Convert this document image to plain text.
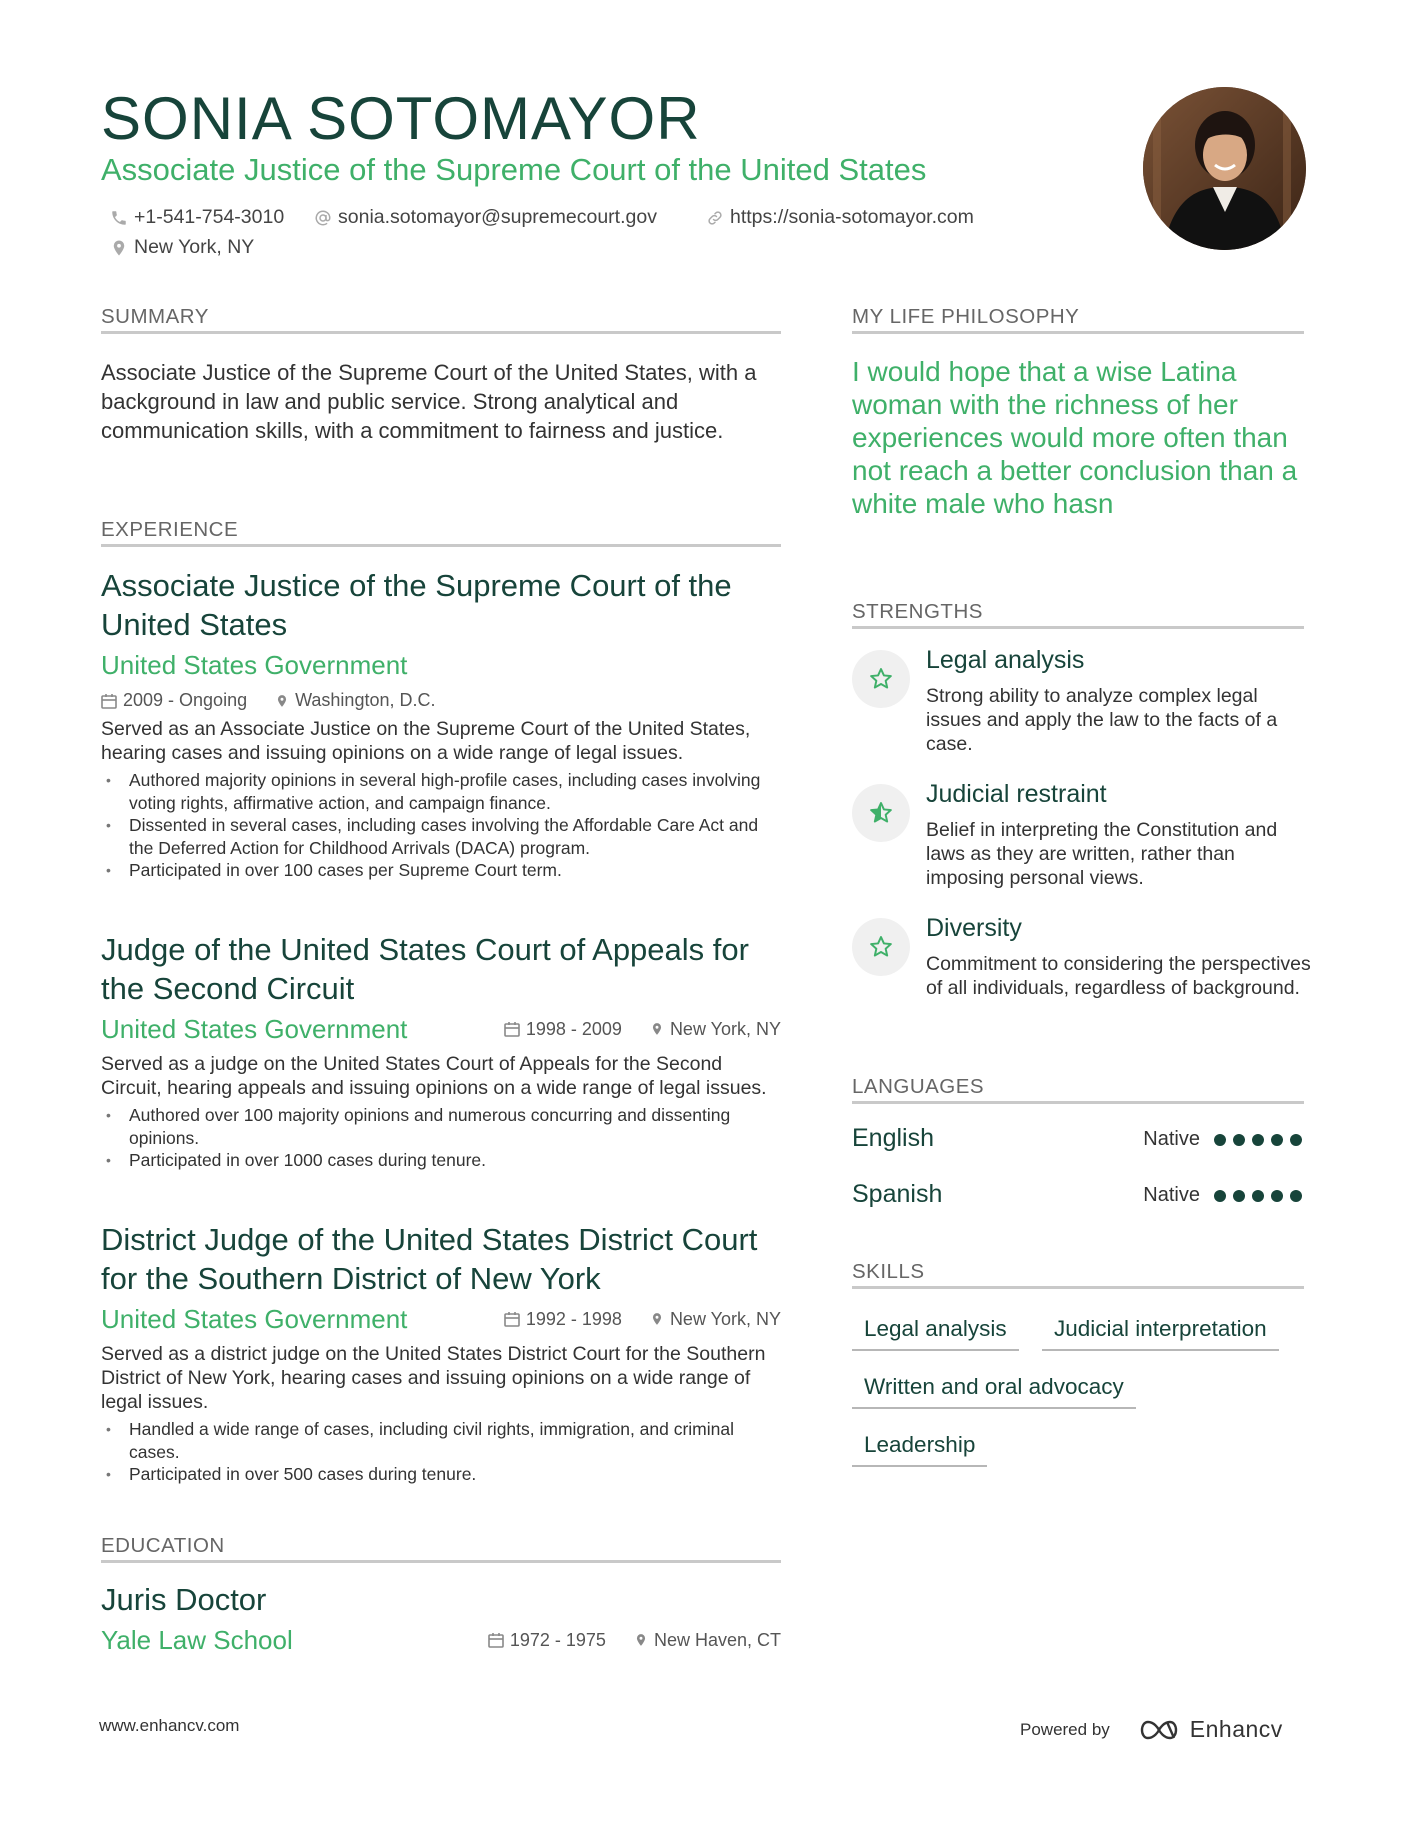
SONIA SOTOMAYOR
Associate Justice of the Supreme Court of the United States
+1-541-754-3010	sonia.sotomayor@supremecourt.gov	https://sonia-sotomayor.com
New York, NY
SUMMARY
Associate Justice of the Supreme Court of the United States, with a background in law and public service. Strong analytical and communication skills, with a commitment to fairness and justice.
EXPERIENCE
Associate Justice of the Supreme Court of the United States
United States Government
2009 - Ongoing	Washington, D.C.
Served as an Associate Justice on the Supreme Court of the United States, hearing cases and issuing opinions on a wide range of legal issues.
• Authored majority opinions in several high-profile cases, including cases involving voting rights, affirmative action, and campaign finance.
• Dissented in several cases, including cases involving the Affordable Care Act and the Deferred Action for Childhood Arrivals (DACA) program.
• Participated in over 100 cases per Supreme Court term.
Judge of the United States Court of Appeals for the Second Circuit
United States Government	1998 - 2009	New York, NY
Served as a judge on the United States Court of Appeals for the Second Circuit, hearing appeals and issuing opinions on a wide range of legal issues.
• Authored over 100 majority opinions and numerous concurring and dissenting opinions.
• Participated in over 1000 cases during tenure.
District Judge of the United States District Court for the Southern District of New York
United States Government	1992 - 1998	New York, NY
Served as a district judge on the United States District Court for the Southern District of New York, hearing cases and issuing opinions on a wide range of legal issues.
• Handled a wide range of cases, including civil rights, immigration, and criminal cases.
• Participated in over 500 cases during tenure.
EDUCATION
Juris Doctor
Yale Law School	1972 - 1975	New Haven, CT
MY LIFE PHILOSOPHY
I would hope that a wise Latina woman with the richness of her experiences would more often than not reach a better conclusion than a white male who hasn
STRENGTHS
Legal analysis
Strong ability to analyze complex legal issues and apply the law to the facts of a case.
Judicial restraint
Belief in interpreting the Constitution and laws as they are written, rather than imposing personal views.
Diversity
Commitment to considering the perspectives of all individuals, regardless of background.
LANGUAGES
English	Native
Spanish	Native
SKILLS
Legal analysis	Judicial interpretation
Written and oral advocacy
Leadership
www.enhancv.com	Powered by	Enhancv
